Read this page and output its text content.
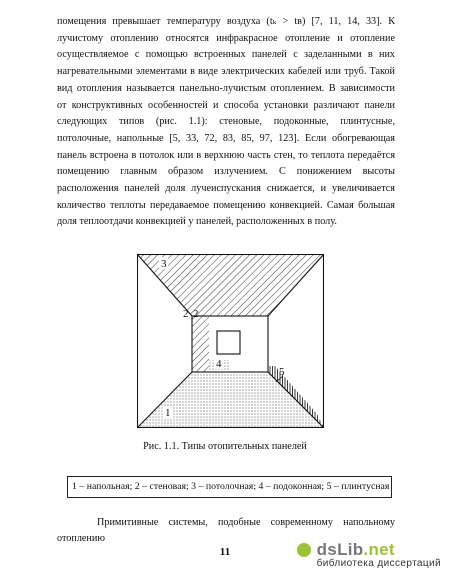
помещения превышает температуру воздуха (tₖ > tв) [7, 11, 14, 33]. К лучистому отоплению относятся инфракрасное отопление и отопление осуществляемое с помощью встроенных панелей с заделанными в них нагревательными элементами в виде электрических кабелей или труб. Такой вид отопления называется панельно-лучистым отоплением. В зависимости от конструктивных особенностей и способа установки различают панели следующих типов (рис. 1.1): стеновые, подоконные, плинтусные, потолочные, напольные [5, 33, 72, 83, 85, 97, 123]. Если обогревающая панель встроена в потолок или в верхнюю часть стен, то теплота передаётся помещению главным образом излучением. С понижением высоты расположения панелей доля лучеиспускания снижается, и увеличивается количество теплоты передаваемое помещению конвекцией. Самая большая доля теплоотдачи конвекцией у панелей, расположенных в полу.

3
2 2
4
5
1
Рис. 1.1. Типы отопительных панелей
1 – напольная; 2 – стеновая; 3 – потолочная; 4 – подоконная; 5 – плинтусная
Примитивные системы, подобные современному напольному отоплению
11	dsLib.net
библиотека диссертаций
